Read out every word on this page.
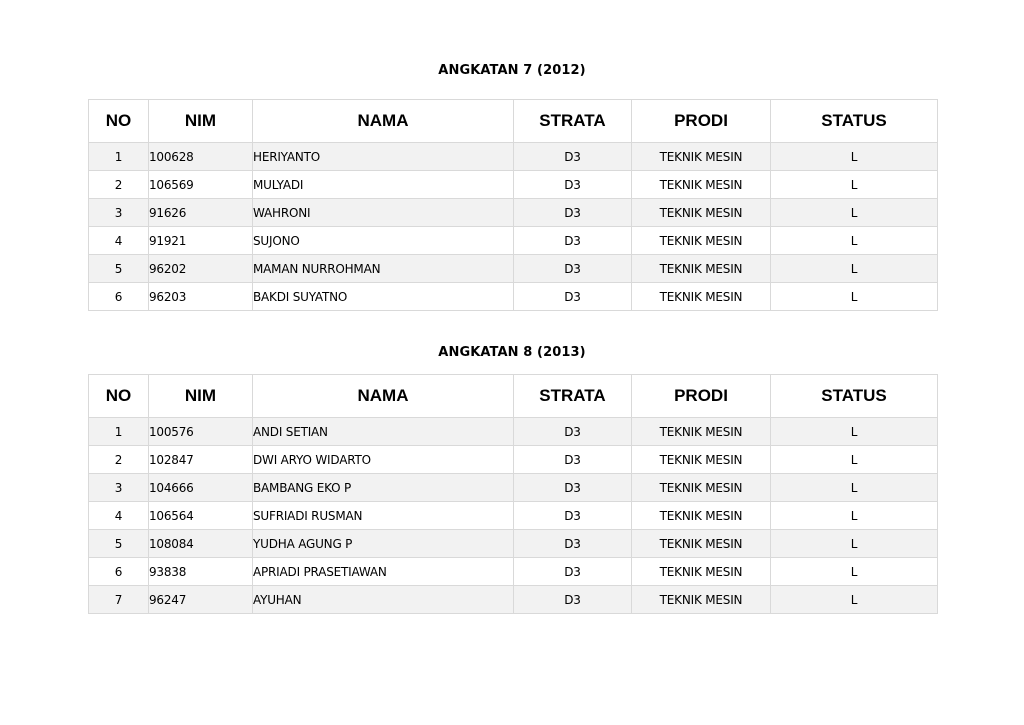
ANGKATAN 7 (2012)
NO	NIM	NAMA	STRATA	PRODI	STATUS
1	100628	HERIYANTO	D3	TEKNIK MESIN	L
2	106569	MULYADI	D3	TEKNIK MESIN	L
3	91626	WAHRONI	D3	TEKNIK MESIN	L
4	91921	SUJONO	D3	TEKNIK MESIN	L
5	96202	MAMAN NURROHMAN	D3	TEKNIK MESIN	L
6	96203	BAKDI SUYATNO	D3	TEKNIK MESIN	L
ANGKATAN 8 (2013)
NO	NIM	NAMA	STRATA	PRODI	STATUS
1	100576	ANDI SETIAN	D3	TEKNIK MESIN	L
2	102847	DWI ARYO WIDARTO	D3	TEKNIK MESIN	L
3	104666	BAMBANG EKO P	D3	TEKNIK MESIN	L
4	106564	SUFRIADI RUSMAN	D3	TEKNIK MESIN	L
5	108084	YUDHA AGUNG P	D3	TEKNIK MESIN	L
6	93838	APRIADI PRASETIAWAN	D3	TEKNIK MESIN	L
7	96247	AYUHAN	D3	TEKNIK MESIN	L
